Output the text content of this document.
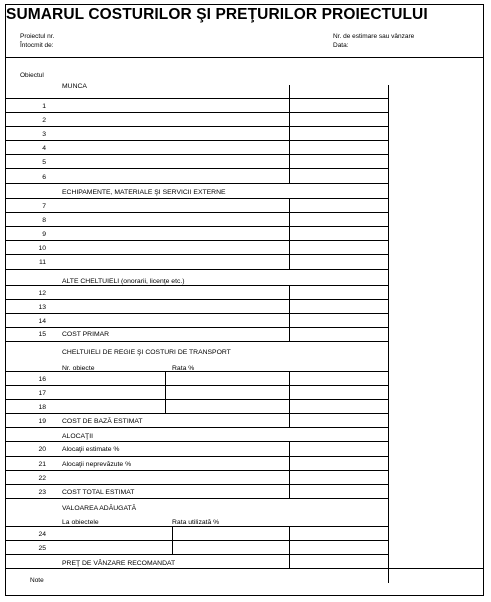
SUMARUL COSTURILOR ŞI PREŢURILOR PROIECTULUI
Proiectul nr.
Întocmit de:
Nr. de estimare sau vânzare
Data:
Obiectul
MUNCA
ECHIPAMENTE, MATERIALE ŞI SERVICII EXTERNE
ALTE CHELTUIELI (onorarii, licenţe etc.)
COST PRIMAR
CHELTUIELI DE REGIE ŞI COSTURI DE TRANSPORT
Nr. obiecte	Rata %
COST DE BAZĂ ESTIMAT
ALOCAŢII
Alocaţii estimate %
Alocaţii neprevăzute %
COST TOTAL ESTIMAT
VALOAREA ADĂUGATĂ
La obiectele	Rata utilizată %
PREŢ DE VÂNZARE RECOMANDAT
Note
1
2
3
4
5
6
7
8
9
10
11
12
13
14
15
16
17
18
19
20
21
22
23
24
25
